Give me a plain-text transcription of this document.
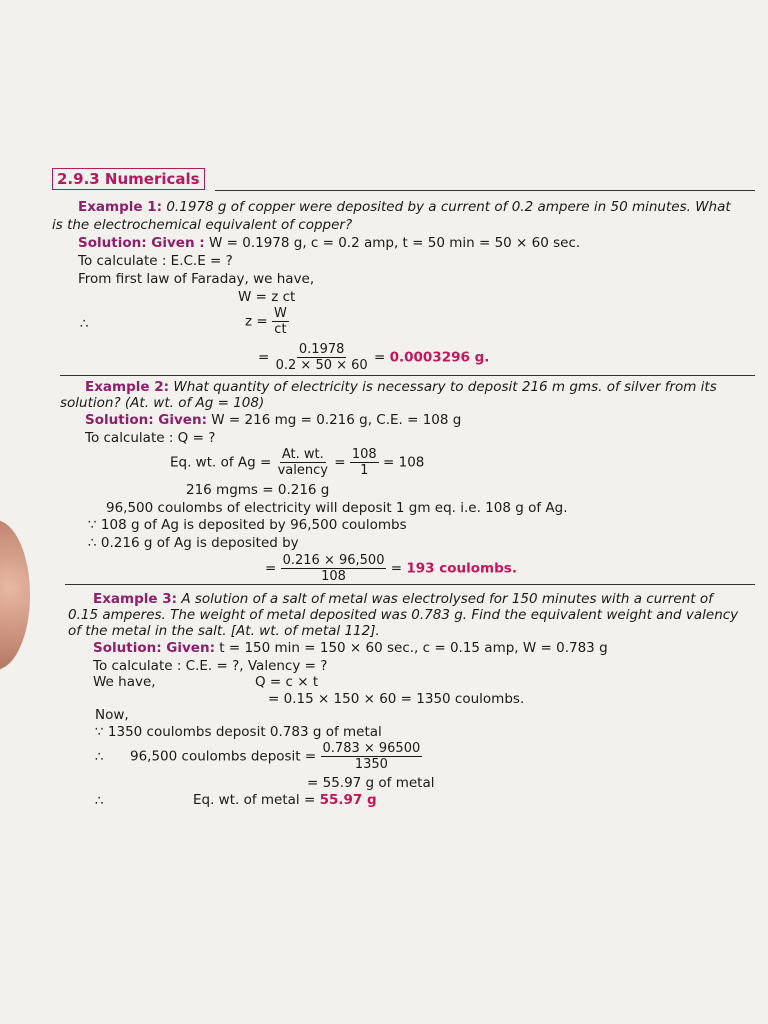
2.9.3 Numericals
Example 1: 0.1978 g of copper were deposited by a current of 0.2 ampere in 50 minutes. What
is the electrochemical equivalent of copper?
Solution: Given : W = 0.1978 g, c = 0.2 amp, t = 50 min = 50 × 60 sec.
To calculate : E.C.E = ?
From first law of Faraday, we have,
W = z ct
∴	$z = \frac{W}{ct}$
= $\frac{0.1978}{0.2 \times 50 \times 60} = 0.0003296$ g.
Example 2: What quantity of electricity is necessary to deposit 216 m gms. of silver from its
solution? (At. wt. of Ag = 108)
Solution: Given: W = 216 mg = 0.216 g, C.E. = 108 g
To calculate : Q = ?
Eq. wt. of $Ag = \frac{At. wt.}{\text{valency}} = \frac{108}{1} = 108$
216 mgms = 0.216 g
96,500 coulombs of electricity will deposit 1 gm eq. i.e. 108 g of Ag.
∵ 108 g of Ag is deposited by 96,500 coulombs
∴ 0.216 g of Ag is deposited by
= $\frac{0.216 \times 96,500}{108} = 193$ coulombs.
Example 3: A solution of a salt of metal was electrolysed for 150 minutes with a current of
0.15 amperes. The weight of metal deposited was 0.783 g. Find the equivalent weight and valency
of the metal in the salt. [At. wt. of metal 112].
Solution: Given: t = 150 min = 150 × 60 sec., c = 0.15 amp, W = 0.783 g
To calculate : C.E. = ?, Valency = ?
We have,	Q = c × t
= 0.15 × 150 × 60 = 1350 coulombs.
Now,
∵ 1350 coulombs deposit 0.783 g of metal
∴ 96,500 coulombs deposit = $\frac{0.783 \times 96500}{1350}$
= 55.97 g of metal
∴	Eq. wt. of metal = 55.97 g
